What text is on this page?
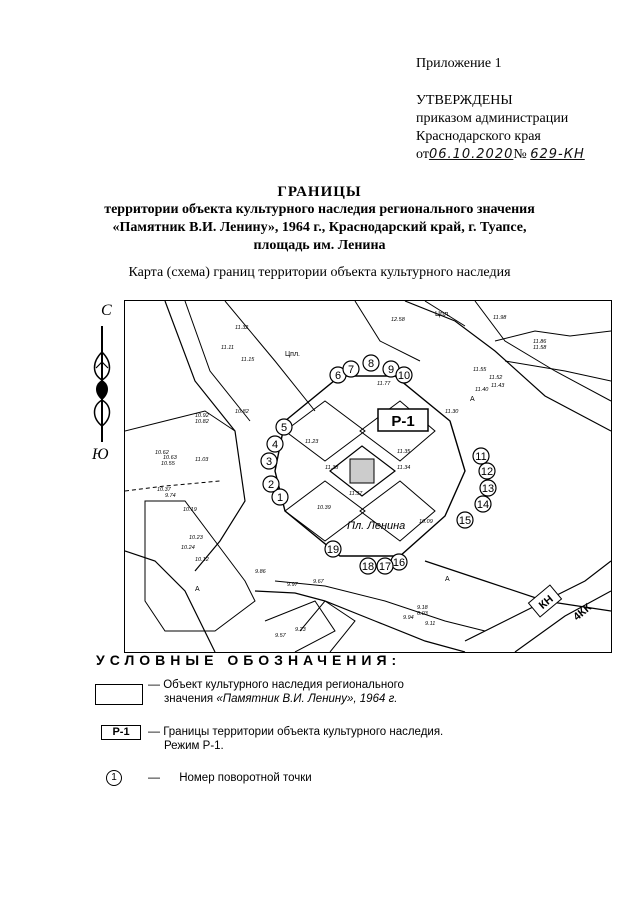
Приложение 1
УТВЕРЖДЕНЫ
приказом администрации
Краснодарского края
от06.10.2020№ 629-КН
ГРАНИЦЫ
территории объекта культурного наследия регионального значения
«Памятник В.И. Ленину», 1964 г., Краснодарский край, г. Туапсе,
площадь им. Ленина
Карта (схема) границ территории объекта культурного наследия
С
Ю
Р-1
Пл. Ленина
Цпл.
Цпл.
А
А
А
КН 4КК
11.77
11.30
11.35
11.34
11.38
11.23
10.39
10.09
11.37
11.98
11.52
11.43
11.40
11.86
11.58
11.55
11.32
11.15
11.11
11.03
10.62
10.63
10.55
10.92
10.82
10.37
9.74
10.19
10.23
10.24
10.12
9.97
9.57
9.23
9.94
9.67
9.11
9.18
6.03
12.58
10.82
9.86
1
2
3
4
5
6 7 8 9 10
11
12
13
14
15
16
17
18
19
УСЛОВНЫЕ ОБОЗНАЧЕНИЯ:
— Объект культурного наследия регионального
значения «Памятник В.И. Ленину», 1964 г.
Р-1	— Границы территории объекта культурного наследия.
Режим Р-1.
1	— Номер поворотной точки
